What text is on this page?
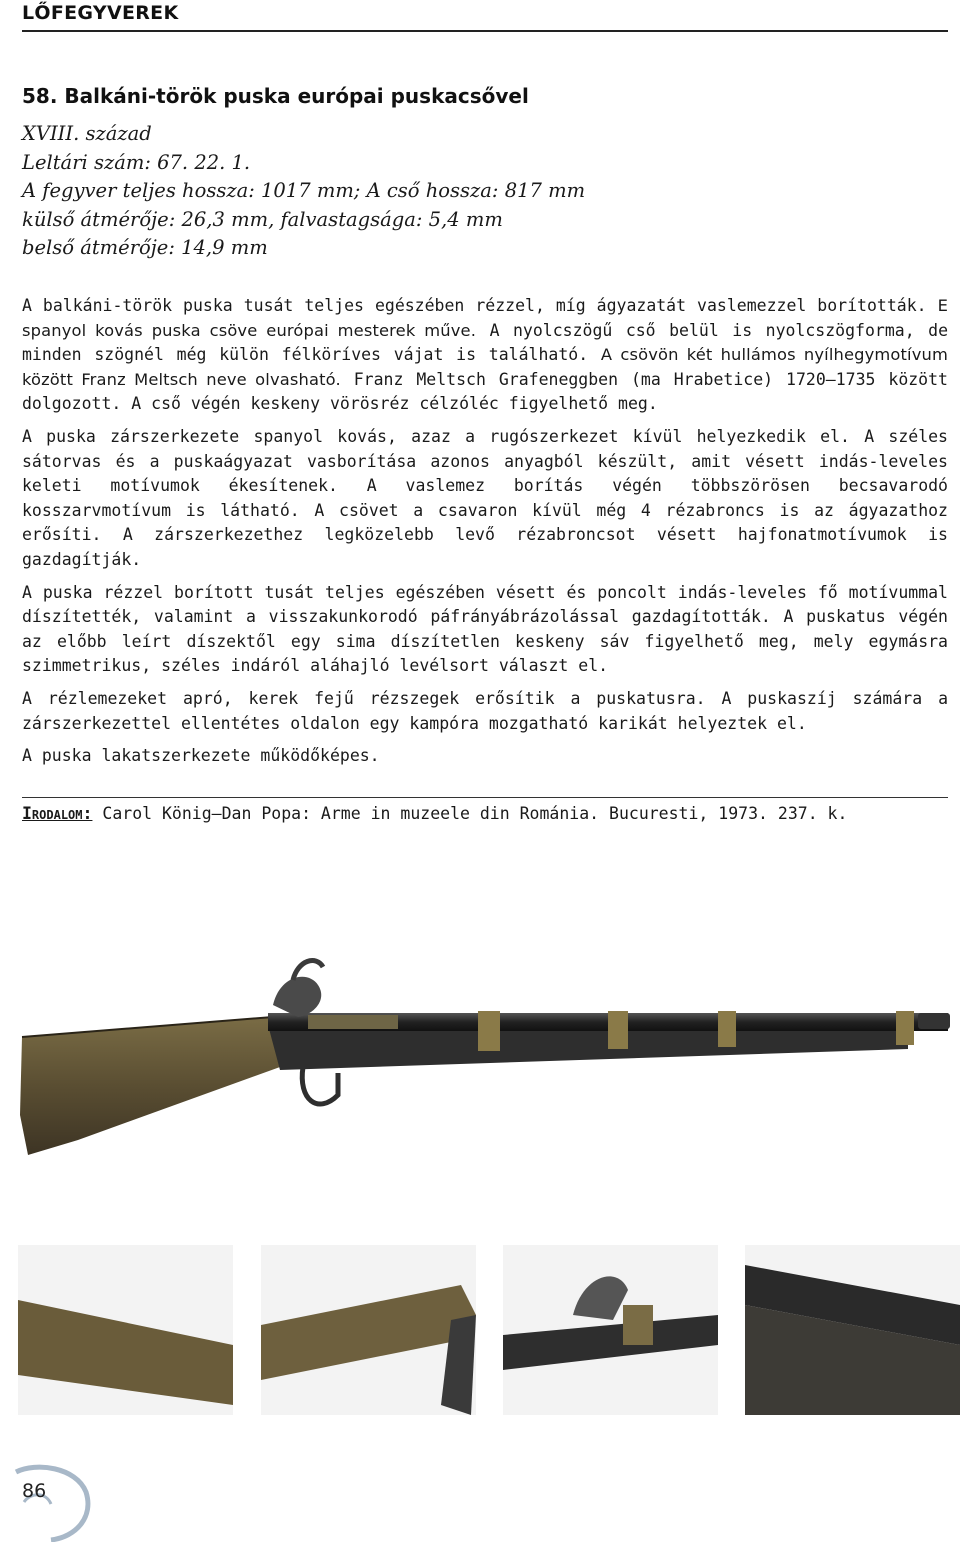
LŐFEGYVEREK
58. Balkáni-török puska európai puskacsővel
XVIII. század
Leltári szám: 67. 22. 1.
A fegyver teljes hossza: 1017 mm; A cső hossza: 817 mm
külső átmérője: 26,3 mm, falvastagsága: 5,4 mm
belső átmérője: 14,9 mm

A balkáni-török puska tusát teljes egészében rézzel, míg ágyazatát vaslemezzel borították. E spanyol kovás puska csöve európai mesterek műve. A nyolcszögű cső belül is nyolcszögforma, de minden szögnél még külön félköríves vájat is található. A csövön két hullámos nyílhegymotívum között Franz Meltsch neve olvasható. Franz Meltsch Grafeneggben (ma Hrabetice) 1720–1735 között dolgozott. A cső végén keskeny vörösréz célzóléc figyelhető meg.

A puska zárszerkezete spanyol kovás, azaz a rugószerkezet kívül helyezkedik el. A széles sátorvas és a puskaágyazat vasborítása azonos anyagból készült, amit vésett indás-leveles keleti motívumok ékesítenek. A vaslemez borítás végén többszörösen becsavarodó kosszarvmotívum is látható. A csövet a csavaron kívül még 4 rézabroncs is az ágyazathoz erősíti. A zárszerkezethez legközelebb levő rézabroncsot vésett hajfonatmotívumok is gazdagítják.

A puska rézzel borított tusát teljes egészében vésett és poncolt indás-leveles fő motívummal díszítették, valamint a visszakunkorodó páfrányábrázolással gazdagították. A puskatus végén az előbb leírt díszektől egy sima díszítetlen keskeny sáv figyelhető meg, mely egymásra szimmetrikus, széles indáról aláhajló levélsort választ el.

A rézlemezeket apró, kerek fejű rézszegek erősítik a puskatusra. A puskaszíj számára a zárszerkezettel ellentétes oldalon egy kampóra mozgatható karikát helyeztek el.

A puska lakatszerkezete működőképes.

Irodalom: Carol König–Dan Popa: Arme in muzeele din Románia. Bucuresti, 1973. 237. k.
86
